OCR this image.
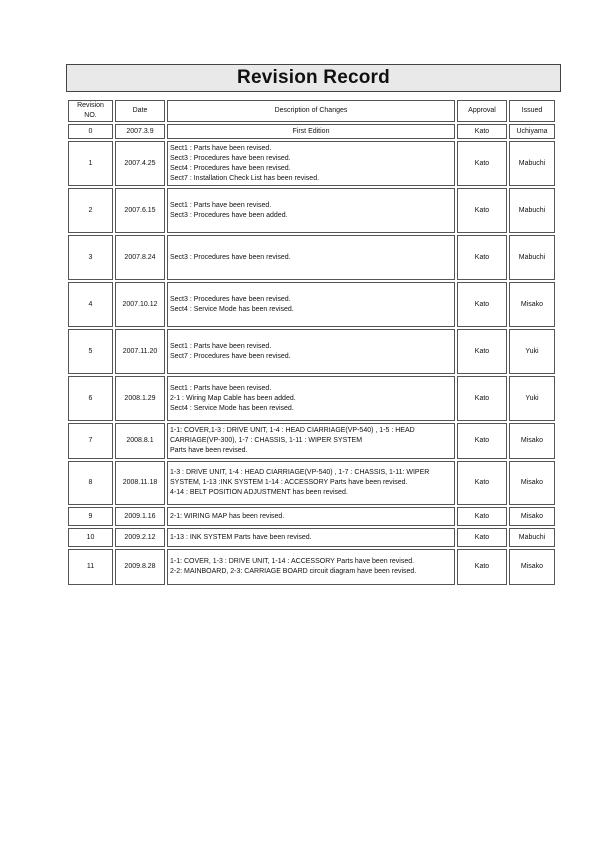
Revision Record
Revision
NO.	Date	Description of Changes	Approval	Issued
0	2007.3.9	First Edition	Kato	Uchiyama
1	2007.4.25	Sect1 : Parts have been revised.
Sect3 : Procedures have been revised.
Sect4 : Procedures have been revised.
Sect7 : Installation Check List has been revised.	Kato	Mabuchi
2	2007.6.15	Sect1 : Parts have been revised.
Sect3 : Procedures have been added.	Kato	Mabuchi
3	2007.8.24	Sect3 : Procedures have been revised.	Kato	Mabuchi
4	2007.10.12	Sect3 : Procedures have been revised.
Sect4 : Service Mode has been revised.	Kato	Misako
5	2007.11.20	Sect1 : Parts have been revised.
Sect7 : Procedures have been revised.	Kato	Yuki
6	2008.1.29	Sect1 : Parts have been revised.
2-1 : Wiring Map Cable has been added.
Sect4 : Service Mode has been revised.	Kato	Yuki
7	2008.8.1	1-1: COVER,1-3 : DRIVE UNIT, 1-4 : HEAD CIARRIAGE(VP-540) , 1-5 : HEAD CARRIAGE(VP-300), 1-7 : CHASSIS, 1-11 : WIPER SYSTEM
Parts have been revised.	Kato	Misako
8	2008.11.18	1-3 : DRIVE UNIT, 1-4 : HEAD CIARRIAGE(VP-540) , 1-7 : CHASSIS, 1-11: WIPER SYSTEM, 1-13 :INK SYSTEM 1-14 : ACCESSORY Parts have been revised.
4-14 : BELT POSITION ADJUSTMENT has been revised.	Kato	Misako
9	2009.1.16	2-1: WIRING MAP has been revised.	Kato	Misako
10	2009.2.12	1-13 : INK SYSTEM Parts have been revised.	Kato	Mabuchi
11	2009.8.28	1-1: COVER, 1-3 : DRIVE UNIT, 1-14 : ACCESSORY Parts have been revised.
2-2: MAINBOARD, 2-3: CARRIAGE BOARD circuit diagram have been revised.	Kato	Misako
